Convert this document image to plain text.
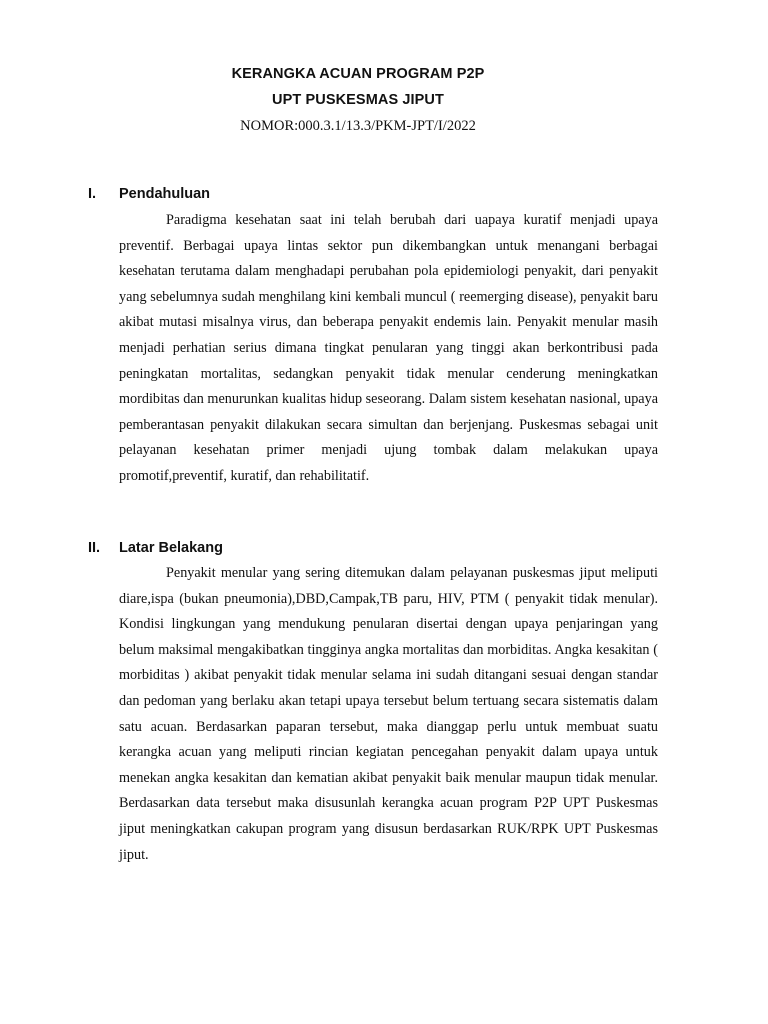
KERANGKA ACUAN PROGRAM P2P
UPT PUSKESMAS JIPUT
NOMOR:000.3.1/13.3/PKM-JPT/I/2022
I.	Pendahuluan

Paradigma kesehatan saat ini telah berubah dari uapaya kuratif menjadi upaya preventif. Berbagai upaya lintas sektor pun dikembangkan untuk menangani berbagai kesehatan terutama dalam menghadapi perubahan pola epidemiologi penyakit, dari penyakit yang sebelumnya sudah menghilang kini kembali muncul ( reemerging disease), penyakit baru akibat mutasi misalnya virus, dan beberapa penyakit endemis lain. Penyakit menular masih menjadi perhatian serius dimana tingkat penularan yang tinggi akan berkontribusi pada peningkatan mortalitas, sedangkan penyakit tidak menular cenderung meningkatkan mordibitas dan menurunkan kualitas hidup seseorang. Dalam sistem kesehatan nasional, upaya pemberantasan penyakit dilakukan secara simultan dan berjenjang. Puskesmas sebagai unit pelayanan kesehatan primer menjadi ujung tombak dalam melakukan upaya promotif,preventif, kuratif, dan rehabilitatif.

II.	Latar Belakang

Penyakit menular yang sering ditemukan dalam pelayanan puskesmas jiput meliputi diare,ispa (bukan pneumonia),DBD,Campak,TB paru, HIV, PTM ( penyakit tidak menular). Kondisi lingkungan yang mendukung penularan disertai dengan upaya penjaringan yang belum maksimal mengakibatkan tingginya angka mortalitas dan morbiditas. Angka kesakitan ( morbiditas ) akibat penyakit tidak menular selama ini sudah ditangani sesuai dengan standar dan pedoman yang berlaku akan tetapi upaya tersebut belum tertuang secara sistematis dalam satu acuan. Berdasarkan paparan tersebut, maka dianggap perlu untuk membuat suatu kerangka acuan yang meliputi rincian kegiatan pencegahan penyakit dalam upaya untuk menekan angka kesakitan dan kematian akibat penyakit baik menular maupun tidak menular. Berdasarkan data tersebut maka disusunlah kerangka acuan program P2P UPT Puskesmas jiput meningkatkan cakupan program yang disusun berdasarkan RUK/RPK UPT Puskesmas jiput.
